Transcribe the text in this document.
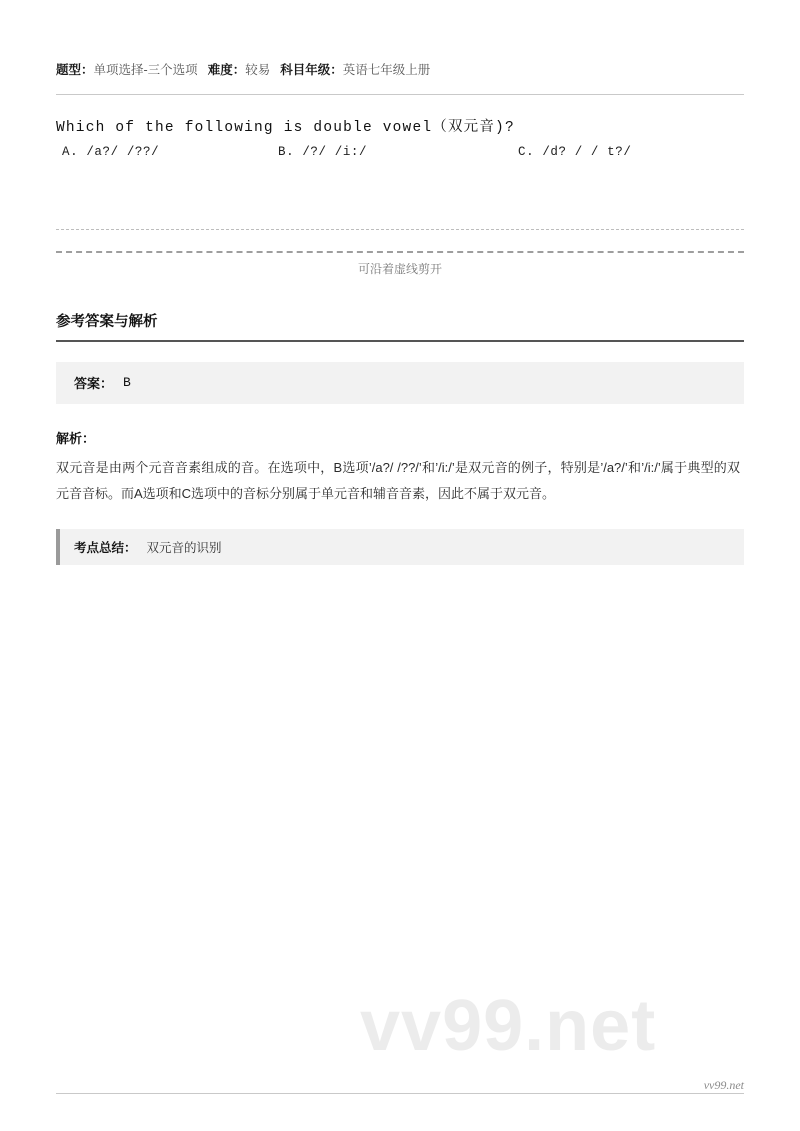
题型：单项选择-三个选项 难度：较易 科目年级：英语七年级上册
Which of the following is double vowel（双元音)?
A. /a?/ /??/	B. /?/ /i:/	C. /d? / / t?/
可沿着虚线剪开
参考答案与解析
答案： B
解析：
双元音是由两个元音音素组成的音。在选项中，B选项’/a?/ /??/’和’/i:/’是双元音的例子，特别是’/a?/’和’/i:/’属于典型的双元音音标。而A选项和C选项中的音标分别属于单元音和辅音音素，因此不属于双元音。
考点总结： 双元音的识别
vv99.net
vv99.net
